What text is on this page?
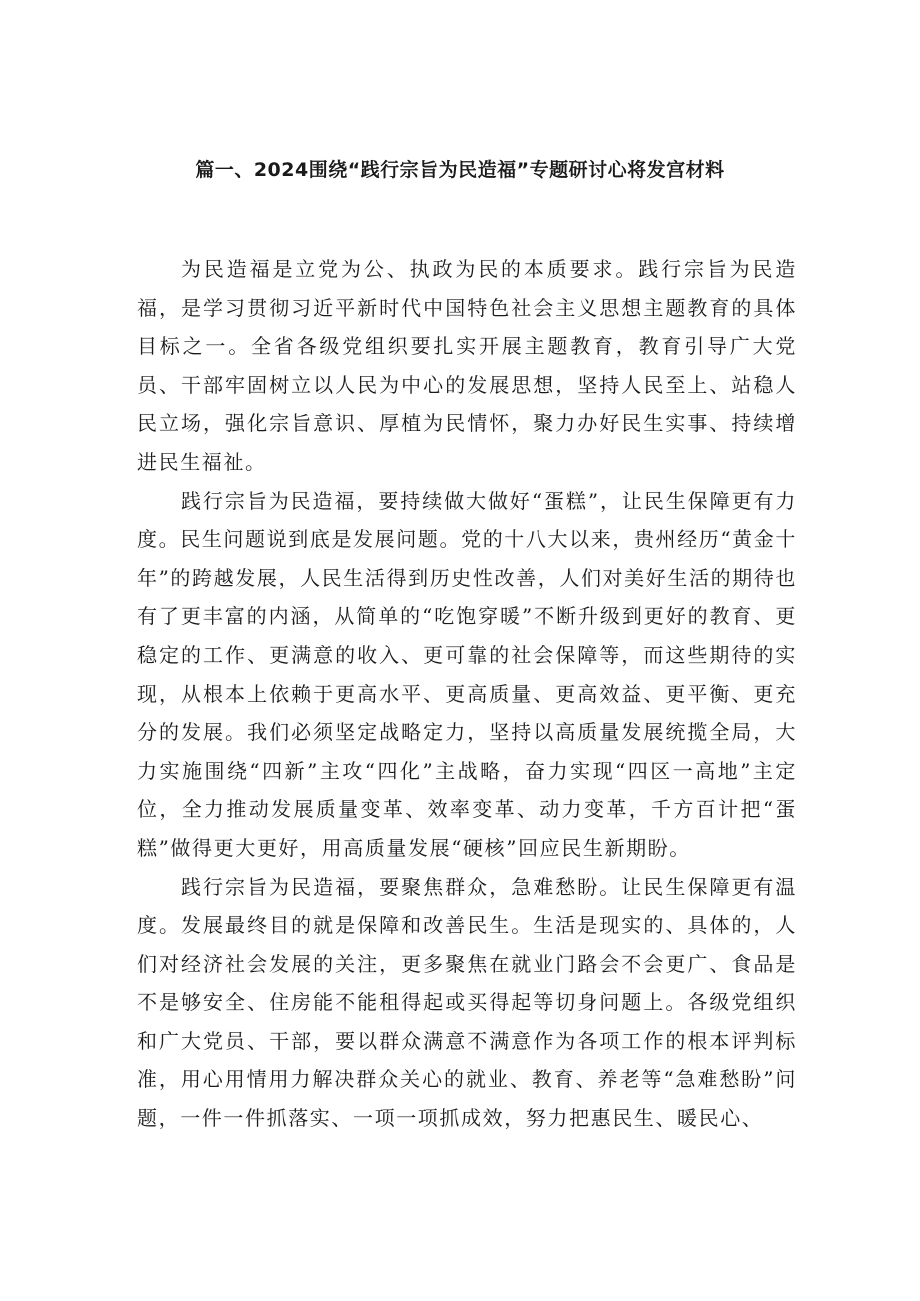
篇一、2024围绕“践行宗旨为民造福”专题研讨心将发宫材料

为民造福是立党为公、执政为民的本质要求。践行宗旨为民造福，是学习贯彻习近平新时代中国特色社会主义思想主题教育的具体目标之一。全省各级党组织要扎实开展主题教育，教育引导广大党员、干部牢固树立以人民为中心的发展思想，坚持人民至上、站稳人民立场，强化宗旨意识、厚植为民情怀，聚力办好民生实事、持续增进民生福祉。

践行宗旨为民造福，要持续做大做好“蛋糕”，让民生保障更有力度。民生问题说到底是发展问题。党的十八大以来，贵州经历“黄金十年”的跨越发展，人民生活得到历史性改善，人们对美好生活的期待也有了更丰富的内涵，从简单的“吃饱穿暖”不断升级到更好的教育、更稳定的工作、更满意的收入、更可靠的社会保障等，而这些期待的实现，从根本上依赖于更高水平、更高质量、更高效益、更平衡、更充分的发展。我们必须坚定战略定力，坚持以高质量发展统揽全局，大力实施围绕“四新”主攻“四化”主战略，奋力实现“四区一高地”主定位，全力推动发展质量变革、效率变革、动力变革，千方百计把“蛋糕”做得更大更好，用高质量发展“硬核”回应民生新期盼。

践行宗旨为民造福，要聚焦群众，急难愁盼。让民生保障更有温度。发展最终目的就是保障和改善民生。生活是现实的、具体的，人们对经济社会发展的关注，更多聚焦在就业门路会不会更广、食品是不是够安全、住房能不能租得起或买得起等切身问题上。各级党组织和广大党员、干部，要以群众满意不满意作为各项工作的根本评判标准，用心用情用力解决群众关心的就业、教育、养老等“急难愁盼”问题，一件一件抓落实、一项一项抓成效，努力把惠民生、暖民心、
